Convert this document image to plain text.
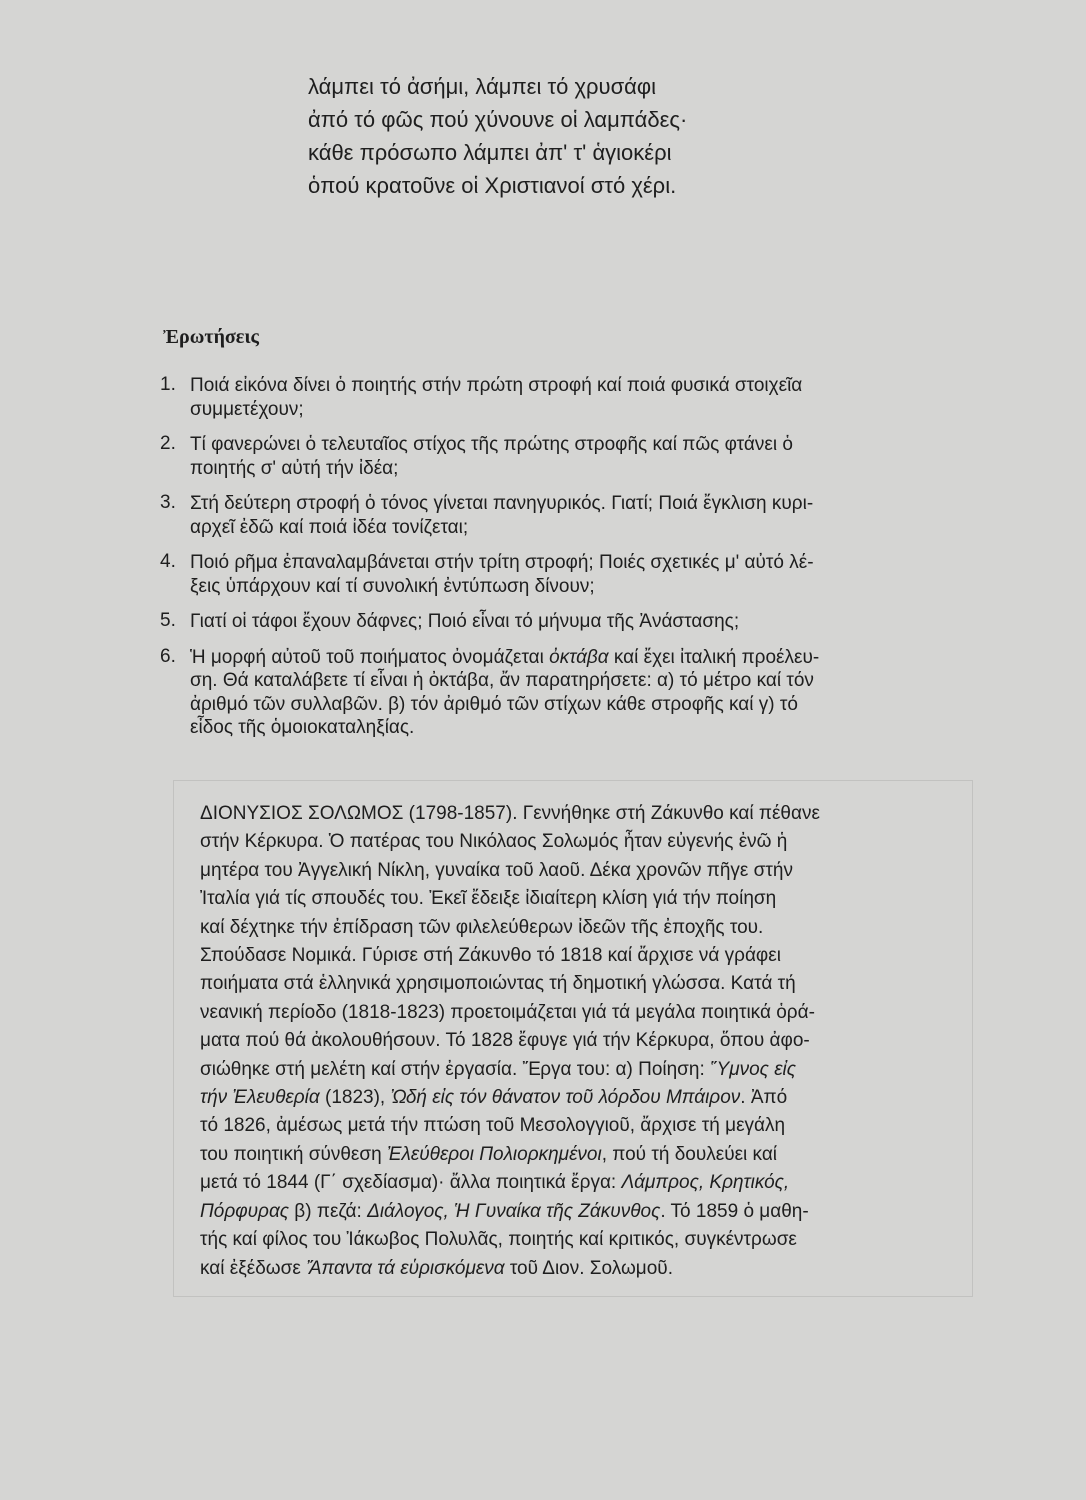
λάμπει τό ἀσήμι, λάμπει τό χρυσάφι
ἀπό τό φῶς πού χύνουνε οἱ λαμπάδες·
κάθε πρόσωπο λάμπει ἀπ' τ' ἁγιοκέρι
ὁπού κρατοῦνε οἱ Χριστιανοί στό χέρι.
Ἐρωτήσεις
1. Ποιά εἰκόνα δίνει ὁ ποιητής στήν πρώτη στροφή καί ποιά φυσικά στοιχεῖα
συμμετέχουν;
2. Τί φανερώνει ὁ τελευταῖος στίχος τῆς πρώτης στροφῆς καί πῶς φτάνει ὁ
ποιητής σ' αὐτή τήν ἰδέα;
3. Στή δεύτερη στροφή ὁ τόνος γίνεται πανηγυρικός. Γιατί; Ποιά ἔγκλιση κυρι-
αρχεῖ ἐδῶ καί ποιά ἰδέα τονίζεται;
4. Ποιό ρῆμα ἐπαναλαμβάνεται στήν τρίτη στροφή; Ποιές σχετικές μ' αὐτό λέ-
ξεις ὑπάρχουν καί τί συνολική ἐντύπωση δίνουν;
5. Γιατί οἱ τάφοι ἔχουν δάφνες; Ποιό εἶναι τό μήνυμα τῆς Ἀνάστασης;
6. Ἡ μορφή αὐτοῦ τοῦ ποιήματος ὀνομάζεται ὀκτάβα καί ἔχει ἰταλική προέλευ-
ση. Θά καταλάβετε τί εἶναι ἡ ὀκτάβα, ἄν παρατηρήσετε: α) τό μέτρο καί τόν
ἀριθμό τῶν συλλαβῶν. β) τόν ἀριθμό τῶν στίχων κάθε στροφῆς καί γ) τό
εἶδος τῆς ὁμοιοκαταληξίας.
ΔΙΟΝΥΣΙΟΣ ΣΟΛΩΜΟΣ (1798-1857). Γεννήθηκε στή Ζάκυνθο καί πέθανε
στήν Κέρκυρα. Ὁ πατέρας του Νικόλαος Σολωμός ἦταν εὐγενής ἐνῶ ἡ
μητέρα του Ἀγγελική Νίκλη, γυναίκα τοῦ λαοῦ. Δέκα χρονῶν πῆγε στήν
Ἰταλία γιά τίς σπουδές του. Ἐκεῖ ἔδειξε ἰδιαίτερη κλίση γιά τήν ποίηση
καί δέχτηκε τήν ἐπίδραση τῶν φιλελεύθερων ἰδεῶν τῆς ἐποχῆς του.
Σπούδασε Νομικά. Γύρισε στή Ζάκυνθο τό 1818 καί ἄρχισε νά γράφει
ποιήματα στά ἑλληνικά χρησιμοποιώντας τή δημοτική γλώσσα. Κατά τή
νεανική περίοδο (1818-1823) προετοιμάζεται γιά τά μεγάλα ποιητικά ὁρά-
ματα πού θά ἀκολουθήσουν. Τό 1828 ἔφυγε γιά τήν Κέρκυρα, ὅπου ἀφο-
σιώθηκε στή μελέτη καί στήν ἐργασία. Ἔργα του: α) Ποίηση: Ὕμνος εἰς
τήν Ἐλευθερία (1823), Ὠδή εἰς τόν θάνατον τοῦ λόρδου Μπάιρον. Ἀπό
τό 1826, ἀμέσως μετά τήν πτώση τοῦ Μεσολογγιοῦ, ἄρχισε τή μεγάλη
του ποιητική σύνθεση Ἐλεύθεροι Πολιορκημένοι, πού τή δουλεύει καί
μετά τό 1844 (Γ΄ σχεδίασμα)· ἄλλα ποιητικά ἔργα: Λάμπρος, Κρητικός,
Πόρφυρας β) πεζά: Διάλογος, Ἡ Γυναίκα τῆς Ζάκυνθος. Τό 1859 ὁ μαθη-
τής καί φίλος του Ἰάκωβος Πολυλᾶς, ποιητής καί κριτικός, συγκέντρωσε
καί ἐξέδωσε Ἄπαντα τά εὑρισκόμενα τοῦ Διον. Σολωμοῦ.
